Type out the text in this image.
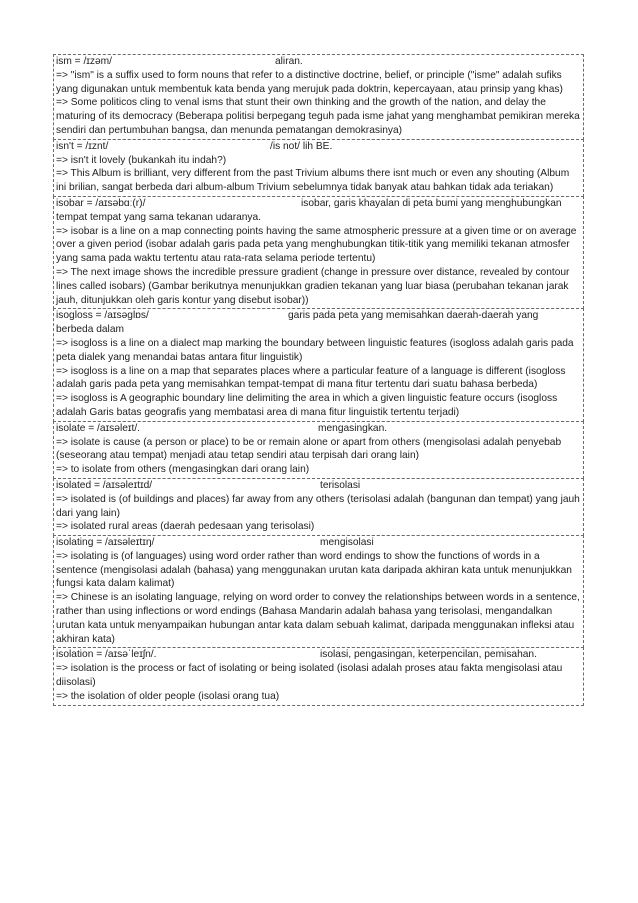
ism = /ɪzəm/	aliran.

=> "ism" is a suffix used to form nouns that refer to a distinctive doctrine, belief, or principle ("isme" adalah sufiks yang digunakan untuk membentuk kata benda yang merujuk pada doktrin, kepercayaan, atau prinsip yang khas)

=> Some politicos cling to venal isms that stunt their own thinking and the growth of the nation, and delay the maturing of its democracy (Beberapa politisi berpegang teguh pada isme jahat yang menghambat pemikiran mereka sendiri dan pertumbuhan bangsa, dan menunda pematangan demokrasinya)

isn't = /ɪznt/	/is not/ lih BE.

=> isn't it lovely (bukankah itu indah?)

=> This Album is brilliant, very different from the past Trivium albums there isnt much or even any shouting (Album ini brilian, sangat berbeda dari album-album Trivium sebelumnya tidak banyak atau bahkan tidak ada teriakan)

isobar = /aɪsəbɑː(r)/	isobar, garis khayalan di peta bumi yang menghubungkan

tempat tempat yang sama tekanan udaranya.

=> isobar is a line on a map connecting points having the same atmospheric pressure at a given time or on average over a given period (isobar adalah garis pada peta yang menghubungkan titik-titik yang memiliki tekanan atmosfer yang sama pada waktu tertentu atau rata-rata selama periode tertentu)

=> The next image shows the incredible pressure gradient (change in pressure over distance, revealed by contour lines called isobars) (Gambar berikutnya menunjukkan gradien tekanan yang luar biasa (perubahan tekanan jarak jauh, ditunjukkan oleh garis kontur yang disebut isobar))

isogloss = /aɪsəglɒs/	garis pada peta yang memisahkan daerah-daerah yang

berbeda dalam

=> isogloss is a line on a dialect map marking the boundary between linguistic features (isogloss adalah garis pada peta dialek yang menandai batas antara fitur linguistik)

=> isogloss is a line on a map that separates places where a particular feature of a language is different (isogloss adalah garis pada peta yang memisahkan tempat-tempat di mana fitur tertentu dari suatu bahasa berbeda)

=> isogloss is A geographic boundary line delimiting the area in which a given linguistic feature occurs (isogloss adalah Garis batas geografis yang membatasi area di mana fitur linguistik tertentu terjadi)

isolate = /aɪsəleɪt/.	mengasingkan.

=> isolate is cause (a person or place) to be or remain alone or apart from others (mengisolasi adalah penyebab (seseorang atau tempat) menjadi atau tetap sendiri atau terpisah dari orang lain)

=> to isolate from others (mengasingkan dari orang lain)

isolated = /aɪsəleɪtɪd/	terisolasi

=> isolated is (of buildings and places) far away from any others (terisolasi adalah (bangunan dan tempat) yang jauh dari yang lain)

=> isolated rural areas (daerah pedesaan yang terisolasi)

isolating = /aɪsəleɪtɪŋ/	mengisolasi

=> isolating is (of languages) using word order rather than word endings to show the functions of words in a sentence (mengisolasi adalah (bahasa) yang menggunakan urutan kata daripada akhiran kata untuk menunjukkan fungsi kata dalam kalimat)

=> Chinese is an isolating language, relying on word order to convey the relationships between words in a sentence, rather than using inflections or word endings (Bahasa Mandarin adalah bahasa yang terisolasi, mengandalkan urutan kata untuk menyampaikan hubungan antar kata dalam sebuah kalimat, daripada menggunakan infleksi atau akhiran kata)

isolation = /aɪsəˈleɪʃn/.	isolasi, pengasingan, keterpencilan, pemisahan.

=> isolation is the process or fact of isolating or being isolated (isolasi adalah proses atau fakta mengisolasi atau diisolasi)

=> the isolation of older people (isolasi orang tua)
